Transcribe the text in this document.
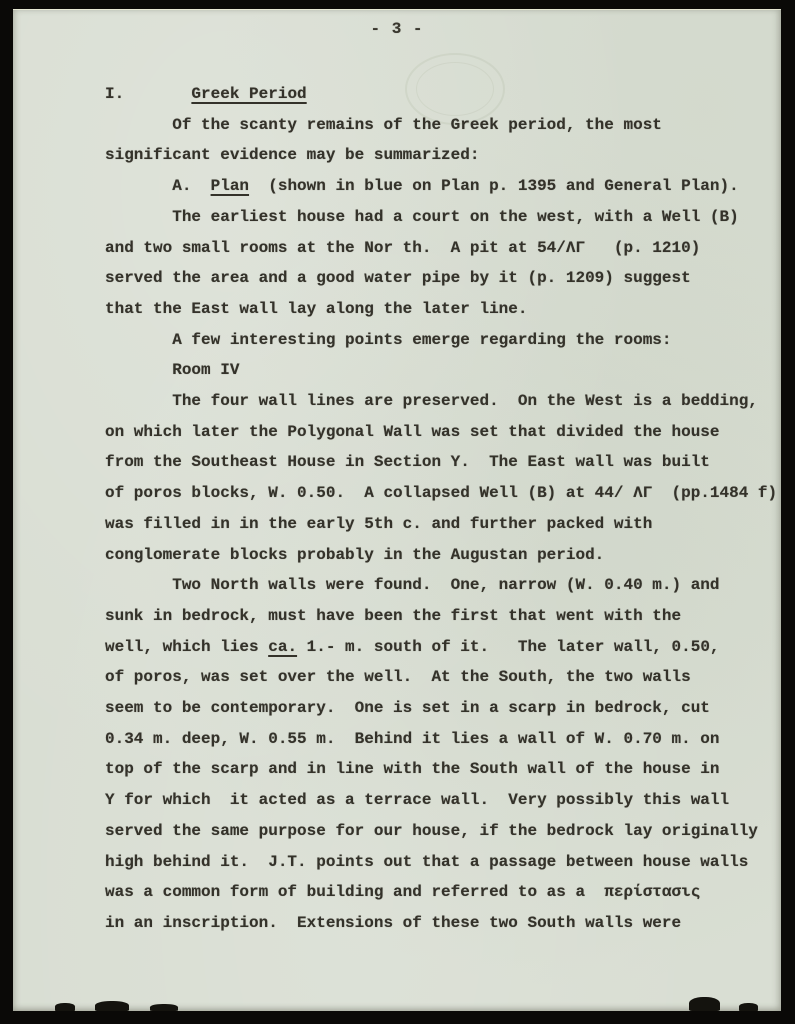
- 3 -
I.       Greek Period
Of the scanty remains of the Greek period, the most
significant evidence may be summarized:
A.  Plan  (shown in blue on Plan p. 1395 and General Plan).
The earliest house had a court on the west, with a Well (B)
and two small rooms at the Nor th.  A pit at 54/ΛΓ   (p. 1210)
served the area and a good water pipe by it (p. 1209) suggest
that the East wall lay along the later line.
A few interesting points emerge regarding the rooms:
Room IV
The four wall lines are preserved.  On the West is a bedding,
on which later the Polygonal Wall was set that divided the house
from the Southeast House in Section Y.  The East wall was built
of poros blocks, W. 0.50.  A collapsed Well (B) at 44/ ΛΓ  (pp.1484 f)
was filled in in the early 5th c. and further packed with
conglomerate blocks probably in the Augustan period.
Two North walls were found.  One, narrow (W. 0.40 m.) and
sunk in bedrock, must have been the first that went with the
well, which lies ca. 1.- m. south of it.   The later wall, 0.50,
of poros, was set over the well.  At the South, the two walls
seem to be contemporary.  One is set in a scarp in bedrock, cut
0.34 m. deep, W. 0.55 m.  Behind it lies a wall of W. 0.70 m. on
top of the scarp and in line with the South wall of the house in
Y for which  it acted as a terrace wall.  Very possibly this wall
served the same purpose for our house, if the bedrock lay originally
high behind it.  J.T. points out that a passage between house walls
was a common form of building and referred to as a  περίστασις
in an inscription.  Extensions of these two South walls were
